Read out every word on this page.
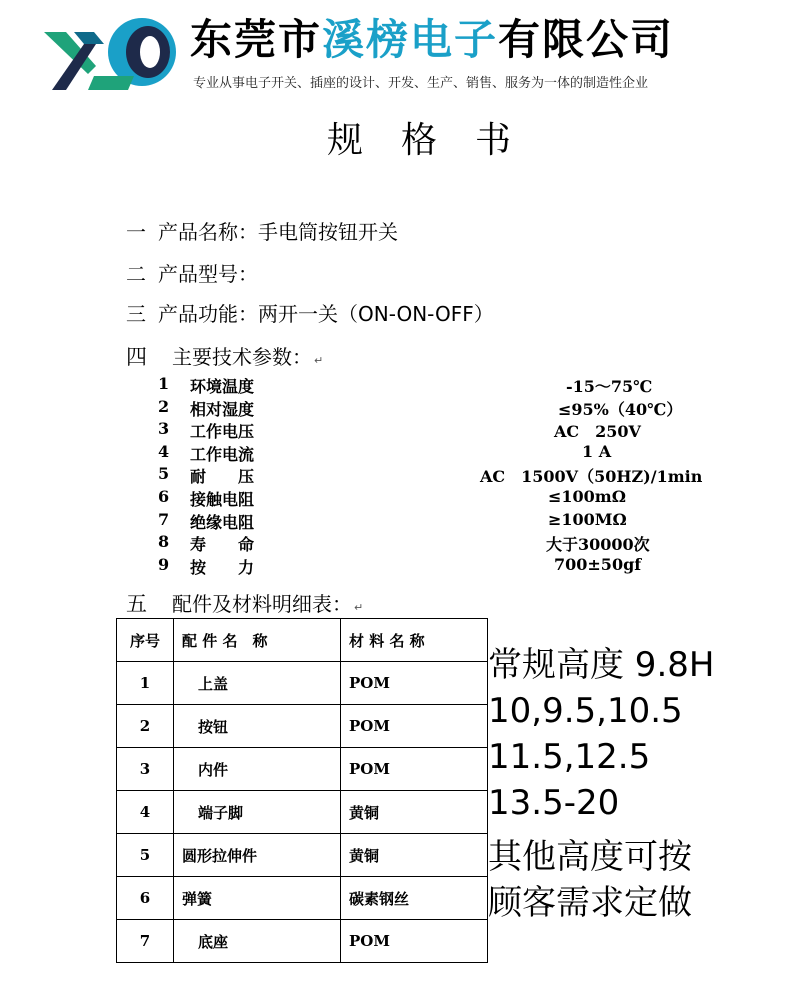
东莞市溪榜电子有限公司
专业从事电子开关、插座的设计、开发、生产、销售、服务为一体的制造性企业
规格书
一 产品名称：手电筒按钮开关
二 产品型号：
三 产品功能：两开一关（ON-ON-OFF）
四 主要技术参数： ↵
1	环境温度	-15～75℃
2	相对湿度	≤95%（40℃）
3	工作电压	AC　250V
4	工作电流	1 A
5	耐　　压	AC　1500V（50HZ)/1min
6	接触电阻	≤100mΩ
7	绝缘电阻	≥100MΩ
8	寿　　命	大于30000次
9	按　　力	700±50gf
五 配件及材料明细表： ↵
序号	配 件 名　称	材 料 名 称
1	上盖	POM
2	按钮	POM
3	内件	POM
4	端子脚	黄铜
5	圆形拉伸件	黄铜
6	弹簧	碳素钢丝
7	底座	POM
常规高度 9.8H
10,9.5,10.5
11.5,12.5
13.5-20
其他高度可按
顾客需求定做
